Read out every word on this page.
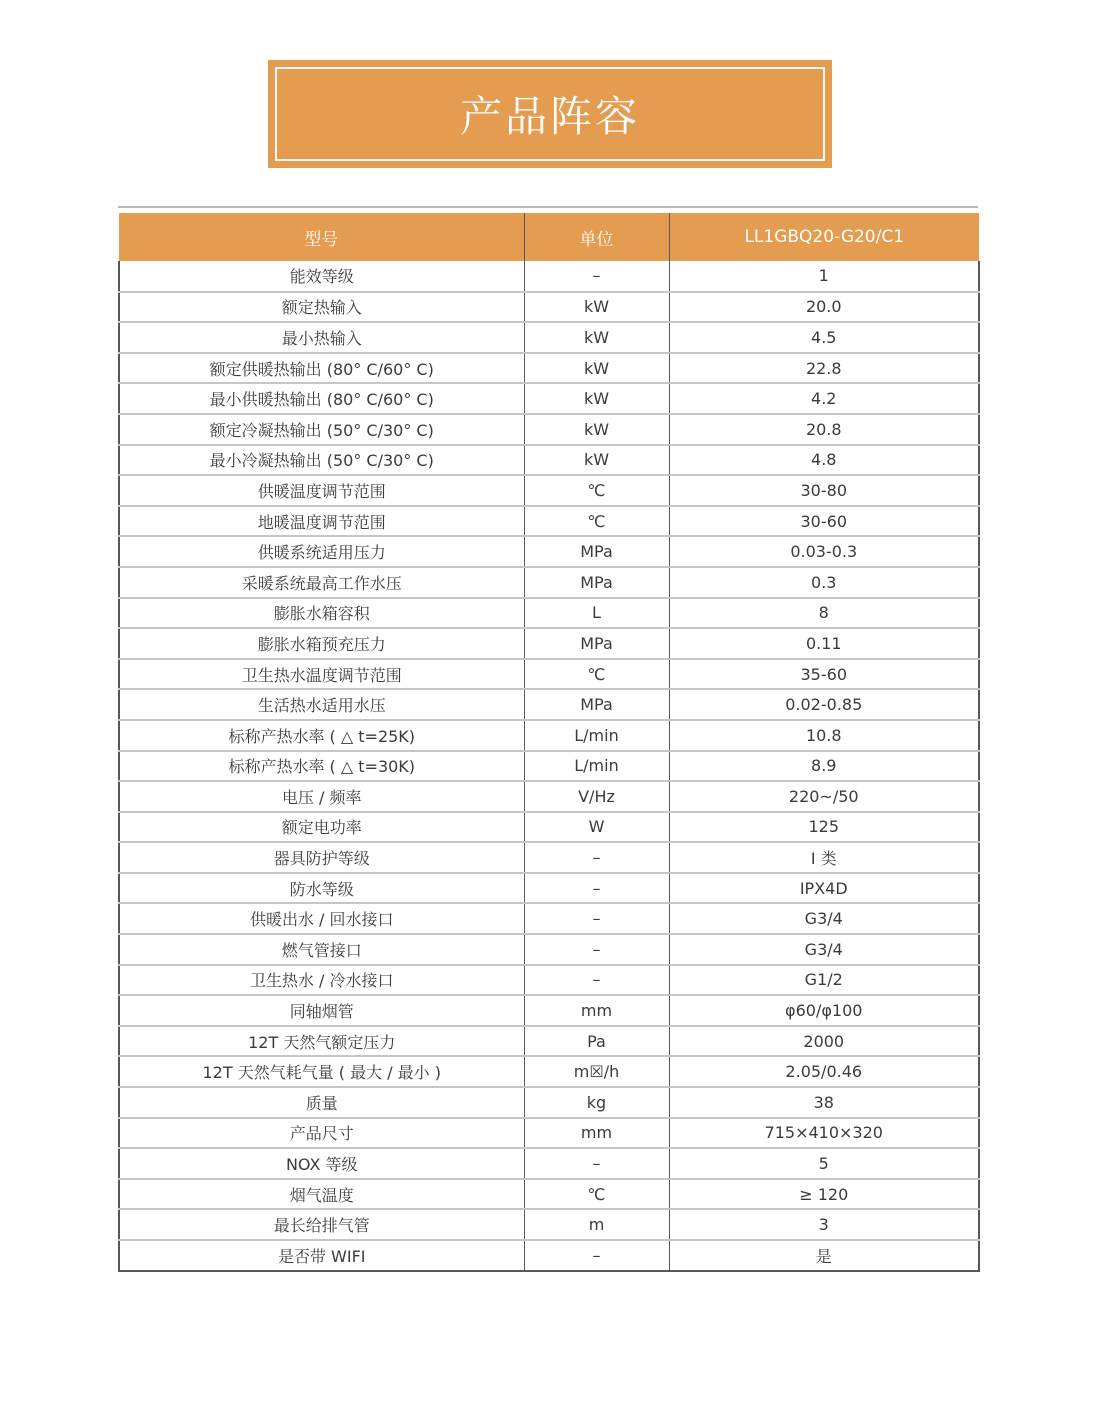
产品阵容
型号	单位	LL1GBQ20-G20/C1
能效等级	–	1
额定热输入	kW	20.0
最小热输入	kW	4.5
额定供暖热输出 (80° C/60° C)	kW	22.8
最小供暖热输出 (80° C/60° C)	kW	4.2
额定冷凝热输出 (50° C/30° C)	kW	20.8
最小冷凝热输出 (50° C/30° C)	kW	4.8
供暖温度调节范围	℃	30-80
地暖温度调节范围	℃	30-60
供暖系统适用压力	MPa	0.03-0.3
采暖系统最高工作水压	MPa	0.3
膨胀水箱容积	L	8
膨胀水箱预充压力	MPa	0.11
卫生热水温度调节范围	℃	35-60
生活热水适用水压	MPa	0.02-0.85
标称产热水率 ( △ t=25K)	L/min	10.8
标称产热水率 ( △ t=30K)	L/min	8.9
电压 / 频率	V/Hz	220~/50
额定电功率	W	125
器具防护等级	–	I 类
防水等级	–	IPX4D
供暖出水 / 回水接口	–	G3/4
燃气管接口	–	G3/4
卫生热水 / 冷水接口	–	G1/2
同轴烟管	mm	φ60/φ100
12T 天然气额定压力	Pa	2000
12T 天然气耗气量 ( 最大 / 最小 )	m☒/h	2.05/0.46
质量	kg	38
产品尺寸	mm	715×410×320
NOX 等级	–	5
烟气温度	℃	≥ 120
最长给排气管	m	3
是否带 WIFI	–	是
